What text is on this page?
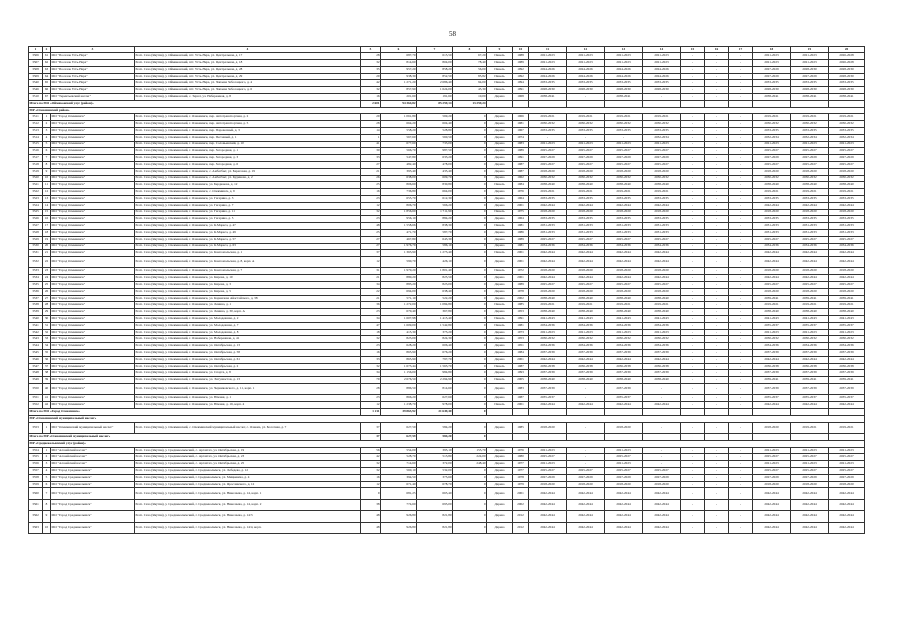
58
1	2	3	4	5	6	7	8	9	10	11	12	13	14	15	16	17	18	19	20
3506	61	МО "Поселок Усть-Нера"	Респ. Саха (Якутия), у. Оймяконский, пгт. Усть-Нера, ул. Центральная, д. 17	28	687,70	615,50	67,20	Панель	1988	2021-2023	2021-2023	2021-2023	2021-2023	-	-	-	2021-2023	2021-2023	2026-2028
3507	62	МО "Поселок Усть-Нера"	Респ. Саха (Якутия), у. Оймяконский, пгт. Усть-Нера, ул. Центральная, д. 18	32	814,60	804,00	78,40	Панель	1989	2021-2023	2021-2023	2021-2023	2021-2023	-	-	-	2021-2023	2021-2023	2026-2028
3508	63	МО "Поселок Усть-Нера"	Респ. Саха (Якутия), у. Оймяконский, пгт. Усть-Нера, ул. Центральная, д. 28	35	957,20	858,20	56,00	Панель	1992	2024-2026	2024-2026	2024-2026	2024-2026	-	-	-	2027-2029	2028-2030	2028-2030
3509	64	МО "Поселок Усть-Нера"	Респ. Саха (Якутия), у. Оймяконский, пгт. Усть-Нера, ул. Центральная, д. 29	29	938,30	852,50	85,82	Панель	1992	2024-2026	2024-2026	2024-2026	2024-2026	-	-	-	2027-2029	2027-2029	2028-2030
3540	65	МО "Поселок Усть-Нера"	Респ. Саха (Якутия), у. Оймяконский, пгт. Усть-Нера, ул. Чапаева Заболоцкого, д. 4	42	1 271,20	2 686,40	94,00	Панель	1994	2033-2035	2033-2035	2033-2035	2033-2035	-	-	-	2033-2035	2033-2035	2033-2035
3546	66	МО "Поселок Усть-Нера"	Респ. Саха (Якутия), у. Оймяконский, пгт. Усть-Нера, ул. Чапаева Заболоцкого, д. 6	32	857,90	1 624,00	45,30	Панель	1991	2028-2030	2028-2030	2028-2030	2028-2030	-	-	-	2028-2030	2028-2030	2028-2030
3510	67	МО "Терентьевский наслег"	Респ. Саха (Якутия), у. Оймяконский, с. Терют, ул. Набережная, д. 8	16	201,60	191,60	10,00	Дерево	1968	2038-2041	-	2038-2041	-	-	-	-	2038-2041	2038-2041	2038-2041
Итого по МО «Оймяконский улус (район)»				2 601	94 364,82	85 259,14	13 259,24												
МР «Олекминский район»																			
3511	1	МО "Город Олекминск"	Респ. Саха (Якутия), у. Олекминский, г. Олекминск, пер. Автотранспортная, д. 2	29	1 061,89	569,20	0	Дерево	1966	2019-2021	2019-2021	2019-2021	2019-2021	-	-	-	2019-2021	2019-2021	2019-2021
3512	2	МО "Город Олекминск"	Респ. Саха (Якутия), у. Олекминский, г. Олекминск, пер. Автотранспортная, д. 5	28	664,20	604,40	0	Дерево	1981	2030-2032	2030-2032	2030-2032	2030-2032	-	-	-	2030-2032	2030-2032	2030-2032
3513	3	МО "Город Олекминск"	Респ. Саха (Якутия), у. Олекминский, г. Олекминск, пер. Паровозный, д. 3	14	558,20	528,80	0	Дерево	1967	2033-2035	2033-2035	2033-2035	2033-2035	-	-	-	2033-2035	2033-2035	2033-2035
3514	4	МО "Город Олекминск"	Респ. Саха (Якутия), у. Олекминский, г. Олекминск, пер. Песчаный, д. 1	1	567,60	560,50	0	Дерево	1974	-	-	-	2032-2034	-	-	-	2032-2034	2032-2034	2032-2034
3515	5	МО "Город Олекминск"	Респ. Саха (Якутия), у. Олекминский, г. Олекминск, пер. Соловьевский, д. 10	41	677,60	733,00	0	Дерево	1983	2021-2023	2021-2023	2021-2023	2021-2023	-	-	-	2021-2023	2021-2023	2021-2023
3516	6	МО "Город Олекминск"	Респ. Саха (Якутия), у. Олекминский, г. Олекминск, пер. Загородная, д. 1	30	566,70	987,50	0	Дерево	1989	2025-2027	2025-2027	2025-2027	2025-2027	-	-	-	2025-2027	2025-2027	2025-2027
3517	7	МО "Город Олекминск"	Респ. Саха (Якутия), у. Олекминский, г. Олекминск, пер. Загородная, д. 3	33	547,80	633,20	0	Дерево	1991	2027-2029	2027-2029	2027-2029	2027-2029	-	-	-	2027-2029	2027-2029	2027-2029
3518	8	МО "Город Олекминск"	Респ. Саха (Якутия), у. Олекминский, г. Олекминск, пер. Загородная, д. 6	27	482,40	478,00	0	Дерево	1987	2025-2027	2025-2027	2025-2027	2025-2027	-	-	-	2025-2027	2025-2027	2025-2027
3519	9	МО "Город Олекминск"	Респ. Саха (Якутия), у. Олекминский, г. Олекминск, с. Амбагбыт, ул. Береговая, д. 19	21	393,40	435,40	0	Дерево	1987	2018-2020	2018-2020	2018-2020	2018-2020	-	-	-	2018-2020	2018-2020	2018-2020
3520	10	МО "Город Олекминск"	Респ. Саха (Якутия), у. Олекминский, г. Олекминск, с. Амбагбыт, ул. Кудинова, д. 2	26	638,00	609,70	0	Дерево	1962	2030-2032	2030-2032	2030-2032	2030-2032	-	-	-	2030-2032	2030-2032	2030-2032
3521	11	МО "Город Олекминск"	Респ. Саха (Якутия), у. Олекминский, г. Олекминск, ул. Бердюкова, д. 12	25	806,60	830,80	0	Панель	1984	2038-2040	2038-2040	2038-2040	2038-2040	-	-	-	2038-2040	2038-2040	2038-2040
3522	12	МО "Город Олекминск"	Респ. Саха (Якутия), у. Олекминский, г. Олекминск, с. Олекминск, д. 9	16	736,80	664,00	0	Дерево	1976	2019-2021	2019-2021	2019-2021	2019-2021	-	-	-	2019-2021	2019-2021	2019-2021
3523	13	МО "Город Олекминск"	Респ. Саха (Якутия), у. Олекминский, г. Олекминск, ул. Гагарина, д. 3	23	655,70	612,30	0	Дерево	1964	2033-2035	2033-2035	2033-2035	2033-2035	-	-	-	2033-2035	2033-2035	2033-2035
3524	14	МО "Город Олекминск"	Респ. Саха (Якутия), у. Олекминский, г. Олекминск, ул. Гагарина, д. 7	12	806,70	566,20	0	Дерево	2001	2042-2044	2042-2044	2042-2044	2042-2044	-	-	-	2042-2044	2042-2044	2042-2044
3525	15	МО "Город Олекминск"	Респ. Саха (Якутия), у. Олекминский, г. Олекминск, ул. Гагарина, д. 11	32	1 856,60	1 711,90	0	Панель	1975	2018-2020	2018-2020	2018-2020	2018-2020	-	-	-	2018-2020	2018-2020	2018-2020
3526	16	МО "Город Олекминск"	Респ. Саха (Якутия), у. Олекминский, г. Олекминск, ул. Гагарина, д. 5	23	956,10	884,20	0	Дерево	1964	2033-2035	2033-2035	2033-2035	2033-2035	-	-	-	2033-2035	2033-2035	2033-2035
3527	17	МО "Город Олекминск"	Респ. Саха (Якутия), у. Олекминский, г. Олекминск, ул. К.Маркса, д. 47	48	1 558,66	838,30	0	Панель	1981	2031-2033	2031-2033	2031-2033	2031-2033	-	-	-	2031-2033	2031-2033	2031-2033
3528	18	МО "Город Олекминск"	Респ. Саха (Якутия), у. Олекминский, г. Олекминск, ул. К.Маркса, д. 49	25	471,70	587,70	0	Дерево	1986	2031-2033	2031-2033	2031-2033	2031-2033	-	-	-	2031-2033	2031-2033	2031-2033
3529	19	МО "Город Олекминск"	Респ. Саха (Якутия), у. Олекминский, г. Олекминск, ул. К.Маркса, д. 57	27	467,80	643,30	0	Дерево	1989	2025-2027	2025-2027	2025-2027	2025-2027	-	-	-	2025-2027	2025-2027	2025-2027
3530	20	МО "Город Олекминск"	Респ. Саха (Якутия), у. Олекминский, г. Олекминск, ул. К.Маркса, д. 63	27	1 976,79	586,10	0	Дерево	1981	2034-2036	2034-2036	2034-2036	2034-2036	-	-	-	2034-2036	2034-2036	2034-2036
3531	21	МО "Город Олекминск"	Респ. Саха (Якутия), у. Олекминский, г. Олекминск, ул. Комсомольская, д. 1	37	1 363,90	1 273,40	0	Панель	2001	2042-2044	2042-2044	2042-2044	2042-2044	-	-	-	2042-2044	2042-2044	2042-2044
3532	22	МО "Город Олекминск"	Респ. Саха (Якутия), у. Олекминский, г. Олекминск, ул. Комсомольская, д. 8, корп. А	12	590,70	426,10	0	Дерево	2001	2042-2044	2042-2044	2042-2044	2042-2044	-	-	-	2042-2044	2042-2044	2042-2044
3533	23	МО "Город Олекминск"	Респ. Саха (Якутия), у. Олекминский, г. Олекминск, ул. Комсомольская, д. 7	31	1 970,20	1 801,40	0	Панель	1972	2018-2020	2018-2020	2018-2020	2018-2020	-	-	-	2018-2020	2018-2020	2018-2020
3534	24	МО "Город Олекминск"	Респ. Саха (Якутия), у. Олекминский, г. Олекминск, ул. Кирова, д. 10	21	880,20	825,50	0	Дерево	2001	2042-2044	2042-2044	2042-2044	2042-2044	-	-	-	2042-2044	2042-2044	2042-2044
3535	25	МО "Город Олекминск"	Респ. Саха (Якутия), у. Олекминский, г. Олекминск, ул. Кирова, д. 3	34	883,20	823,00	0	Дерево	1989	2025-2027	2025-2027	2025-2027	2025-2027	-	-	-	2025-2027	2025-2027	2025-2027
3536	26	МО "Город Олекминск"	Респ. Саха (Якутия), у. Олекминский, г. Олекминск, ул. Кирова, д. 5	22	694,00	638,40	0	Дерево	1978	2018-2020	2018-2020	2018-2020	2018-2020	-	-	-	2018-2020	2018-2020	2018-2020
3537	27	МО "Город Олекминск"	Респ. Саха (Якутия), у. Олекминский, г. Олекминск, ул. Корнилова Айастайского, д. 38	21	571,10	522,20	0	Дерево	2002	2038-2040	2038-2040	2038-2040	2038-2040	-	-	-	2039-2041	2039-2041	2039-2041
3538	28	МО "Город Олекминск"	Респ. Саха (Якутия), у. Олекминский, г. Олекминск, ул. Ленина, д. 1	36	1 272,00	1 084,80	0	Панель	1985	2019-2021	2019-2021	2019-2021	2019-2021	-	-	-	2019-2021	2019-2021	2019-2021
3539	29	МО "Город Олекминск"	Респ. Саха (Якутия), у. Олекминский, г. Олекминск, ул. Ленина, д. 30, корп. А	23	670,40	367,80	0	Дерево	1953	2038-2040	2038-2040	2038-2040	2038-2040	-	-	-	2038-2040	2038-2040	2038-2040
3540	30	МО "Город Олекминск"	Респ. Саха (Якутия), у. Олекминский, г. Олекминск, ул. Молодежная, д. 2	34	1 607,98	1 415,40	0	Панель	1991	2041-2043	2041-2043	2041-2043	2041-2043	-	-	-	2041-2043	2041-2043	2041-2043
3541	31	МО "Город Олекминск"	Респ. Саха (Якутия), у. Олекминский, г. Олекминск, ул. Молодежная, д. 7	47	1 609,00	1 542,80	0	Панель	1981	2034-2036	2034-2036	2034-2036	2034-2036	-	-	-	2035-2037	2035-2037	2035-2037
3542	32	МО "Город Олекминск"	Респ. Саха (Якутия), у. Олекминский, г. Олекминск, ул. Молодежная, д. 8	18	415,30	373,20	0	Дерево	1973	2021-2023	2021-2023	2021-2023	2021-2023	-	-	-	2021-2023	2021-2023	2021-2023
3543	33	МО "Город Олекминск"	Респ. Саха (Якутия), у. Олекминский, г. Олекминск, ул. Набережная, д. 41	32	823,09	824,30	0	Дерево	1953	2030-2032	2030-2032	2030-2032	2030-2032	-	-	-	2030-2032	2030-2032	2030-2032
3544	34	МО "Город Олекминск"	Респ. Саха (Якутия), у. Олекминский, г. Олекминск, ул. Октябрьская, д. 13	23	628,20	606,40	0	Дерево	1951	2034-2036	2034-2036	2034-2036	2034-2036	-	-	-	2034-2036	2034-2036	2034-2036
3545	35	МО "Город Олекминск"	Респ. Саха (Якутия), у. Олекминский, г. Олекминск, ул. Октябрьская, д. 58	16	865,90	676,20	0	Дерево	1984	2037-2039	2037-2039	2037-2039	2037-2039	-	-	-	2037-2039	2037-2039	2037-2039
3546	36	МО "Город Олекминск"	Респ. Саха (Якутия), у. Олекминский, г. Олекминск, ул. Октябрьская, д. 61	33	865,90	797,70	0	Дерево	2001	2042-2044	2042-2044	2042-2044	2042-2044	-	-	-	2042-2044	2042-2044	2042-2044
3547	37	МО "Город Олекминск"	Респ. Саха (Якутия), у. Олекминский, г. Олекминск, ул. Октябрьская, д. 2	32	1 673,44	1 563,70	0	Панель	1987	2036-2038	2036-2038	2036-2038	2036-2038	-	-	-	2036-2038	2036-2038	2036-2038
3548	38	МО "Город Олекминск"	Респ. Саха (Якутия), у. Олекминский, г. Олекминск, ул. Спорта, д. 8	34	1 156,00	984,80	0	Дерево	1993	2037-2039	2037-2039	2037-2039	2037-2039	-	-	-	2037-2039	2037-2039	2037-2039
3549	39	МО "Город Олекминск"	Респ. Саха (Якутия), у. Олекминский, г. Олекминск, ул. Энтузиастов, д. 13	79	2 676,50	2 294,90	0	Панель	2005	2038-2040	2038-2040	2038-2040	2038-2040	-	-	-	2039-2041	2039-2041	2039-2041
3550	40	МО "Город Олекминск"	Респ. Саха (Якутия), у. Олекминский, г. Олекминск, ул. Черниковского, д. 11, корп. 1	28	886,50	814,60	0	Дерево	1983	2037-2039	-	2037-2039	-	-	-	-	2037-2039	2037-2039	2037-2039
3551	41	МО "Город Олекминск"	Респ. Саха (Якутия), у. Олекминский, г. Олекминск, ул. Южная, д. 1	23	866,20	627,60	0	Дерево	1987	2035-2037	-	2035-2037	-	-	-	-	2035-2037	2035-2037	2035-2037
3552	42	МО "Город Олекминск"	Респ. Саха (Якутия), у. Олекминский, г. Олекминск, ул. Южная, д. 16, корп. 4	12	1 238,70	978,00	0	Панель	2001	2042-2044	2042-2044	2042-2044	2042-2044	-	-	-	2042-2044	2042-2044	2042-2044
Итого по МО «Город Олекминск»				1 211	39 863,92	21 649,40	0												
МР «Олекминский муниципальный наслег»																			
3553	1	МО "Олекминский муниципальный наслег"	Респ. Саха (Якутия), у. Олекминский, с. Олекминский муниципальный наслег, с. Олекма, ул. Болотная, д. 7	37	627,59	584,20	0	Дерево	1985	2018-2020	-	2018-2020	-	-	-	-	2018-2020	2019-2021	2019-2021
Итого по МР «Олекминский муниципальный наслег»				37	627,59	584,20	0												
МР «Среднеколымский улус (район)»																			
3554	1	МО "Алазейский наслег"	Респ. Саха (Якутия), у. Среднеколымский, с. Аргахтах, ул. Октябрьская, д. 19	56	554,00	395,10	155,70	Дерево	1976	2021-2023	-	2021-2023	-	-	-	-	2021-2023	2021-2023	2021-2023
3555	2	МО "Алазейский наслег"	Респ. Саха (Якутия), у. Среднеколымский, с. Аргахтах, ул. Октябрьская, д. 23	42	528,70	513,80	224,00	Дерево	1980	2025-2027	-	2025-2027	-	-	-	-	2025-2027	2025-2027	2025-2027
3556	3	МО "Алазейский наслег"	Респ. Саха (Якутия), у. Среднеколымский, с. Аргахтах, ул. Октябрьская, д. 25	32	714,60	372,00	248,40	Дерево	1977	2021-2023	-	2021-2023	-	-	-	-	2021-2023	2021-2023	2021-2023
3557	4	МО "Город Среднеколымск"	Респ. Саха (Якутия), у. Среднеколымский, г. Среднеколымск, ул. Лебедева, д. 12	32	560,10	532,00	0	Дерево	1977	2025-2027	2025-2027	2025-2027	2025-2027	-	-	-	2025-2027	2025-2027	2025-2027
3558	5	МО "Город Среднеколымск"	Респ. Саха (Якутия), у. Среднеколымский, г. Среднеколымск, ул. Мицкевича, д. 4	16	394,50	375,60	0	Дерево	1978	2027-2029	2027-2029	2027-2029	2027-2029	-	-	-	2027-2029	2027-2029	2027-2029
3559	6	МО "Город Среднеколымск"	Респ. Саха (Якутия), у. Среднеколымский, г. Среднеколымск, ул. Ярославского, д. 12	12	671,40	678,70	0	Дерево	1979	2018-2020	2018-2020	2018-2020	2018-2020	-	-	-	2018-2020	2018-2020	2018-2020
3560	7	МО "Город Среднеколымск"	Респ. Саха (Якутия), у. Среднеколымский, г. Среднеколымск, ул. Николаева, д. 14, корп. 1	9	681,25	665,40	0	Дерево	2001	2042-2044	2042-2044	2042-2044	2042-2044	-	-	-	2042-2044	2042-2044	2042-2044
3561	8	МО "Город Среднеколымск"	Респ. Саха (Якутия), у. Среднеколымский, г. Среднеколымск, ул. Николаева, д. 14, корп. 2	38	774,60	695,00	0	Дерево	2002	2042-2044	2042-2044	2042-2044	2042-2044	-	-	-	2042-2044	2042-2044	2042-2044
3562	9	МО "Город Среднеколымск"	Респ. Саха (Якутия), у. Среднеколымский, г. Среднеколымск, ул. Николаева, д. 14/3	48	926,80	821,80	0	Дерево	2012	2042-2044	2042-2044	2042-2044	2042-2044	-	-	-	2042-2044	2042-2044	2042-2044
3563	10	МО "Город Среднеколымск"	Респ. Саха (Якутия), у. Среднеколымский, г. Среднеколымск, ул. Николаева, д. 14/4, корп.	48	926,80	821,80	0	Дерево	2012	2042-2044	2042-2044	2042-2044	2042-2044	-	-	-	2042-2044	2042-2044	2042-2044
